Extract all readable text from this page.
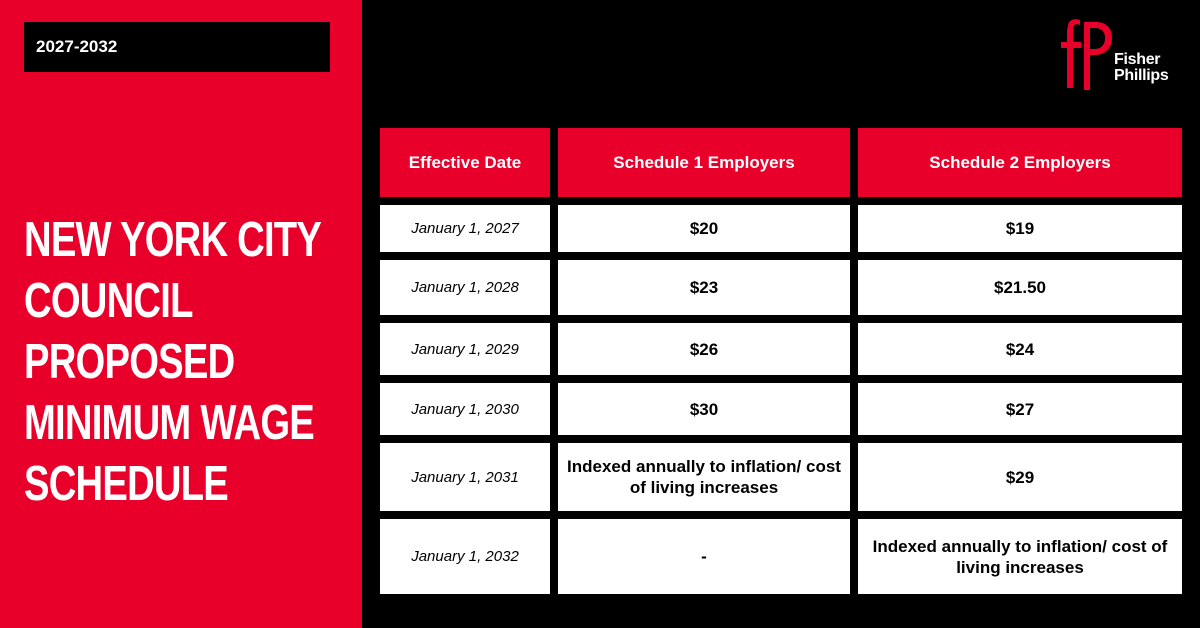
2027-2032
NEW YORK CITY
COUNCIL
PROPOSED
MINIMUM WAGE
SCHEDULE
Fisher
Phillips
Effective Date	Schedule 1 Employers	Schedule 2 Employers
January 1, 2027	$20	$19
January 1, 2028	$23	$21.50
January 1, 2029	$26	$24
January 1, 2030	$30	$27
January 1, 2031	Indexed annually to inflation/ cost of living increases	$29
January 1, 2032	-	Indexed annually to inflation/ cost of living increases
